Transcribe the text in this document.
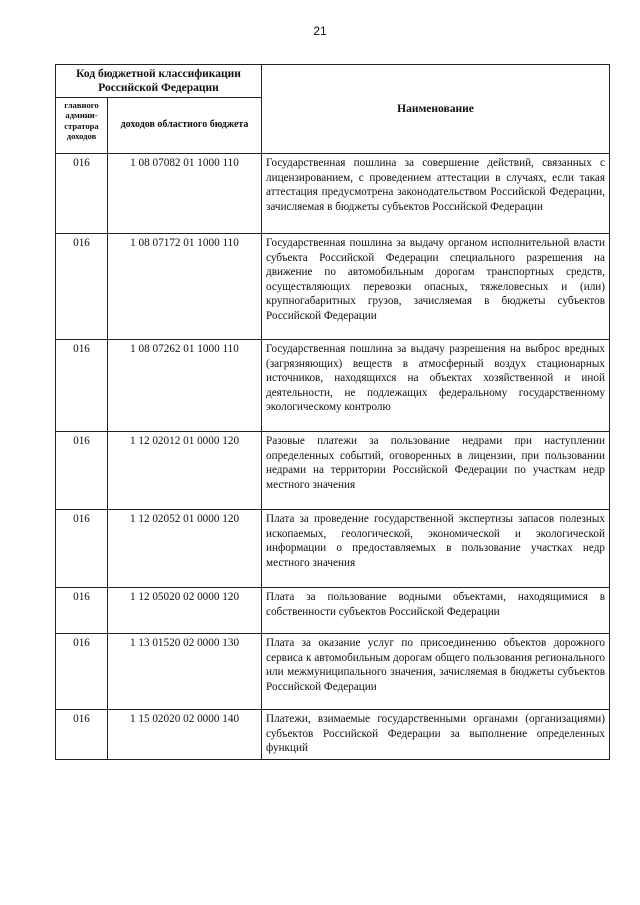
21
Код бюджетной классификации Российской Федерации		Наименование
главного админи-стратора доходов	доходов областного бюджета	
016	1 08 07082 01 1000 110	Государственная пошлина за совершение действий, связанных с лицензированием, с проведением аттестации в случаях, если такая аттестация предусмотрена законодательством Российской Федерации, зачисляемая в бюджеты субъектов Российской Федерации
016	1 08 07172 01 1000 110	Государственная пошлина за выдачу органом исполнительной власти субъекта Российской Федерации специального разрешения на движение по автомобильным дорогам транспортных средств, осуществляющих перевозки опасных, тяжеловесных и (или) крупногабаритных грузов, зачисляемая в бюджеты субъектов Российской Федерации
016	1 08 07262 01 1000 110	Государственная пошлина за выдачу разрешения на выброс вредных (загрязняющих) веществ в атмосферный воздух стационарных источников, находящихся на объектах хозяйственной и иной деятельности, не подлежащих федеральному государственному экологическому контролю
016	1 12 02012 01 0000 120	Разовые платежи за пользование недрами при наступлении определенных событий, оговоренных в лицензии, при пользовании недрами на территории Российской Федерации по участкам недр местного значения
016	1 12 02052 01 0000 120	Плата за проведение государственной экспертизы запасов полезных ископаемых, геологической, экономической и экологической информации о предоставляемых в пользование участках недр местного значения
016	1 12 05020 02 0000 120	Плата за пользование водными объектами, находящимися в собственности субъектов Российской Федерации
016	1 13 01520 02 0000 130	Плата за оказание услуг по присоединению объектов дорожного сервиса к автомобильным дорогам общего пользования регионального или межмуниципального значения, зачисляемая в бюджеты субъектов Российской Федерации
016	1 15 02020 02 0000 140	Платежи, взимаемые государственными органами (организациями) субъектов Российской Федерации за выполнение определенных функций
